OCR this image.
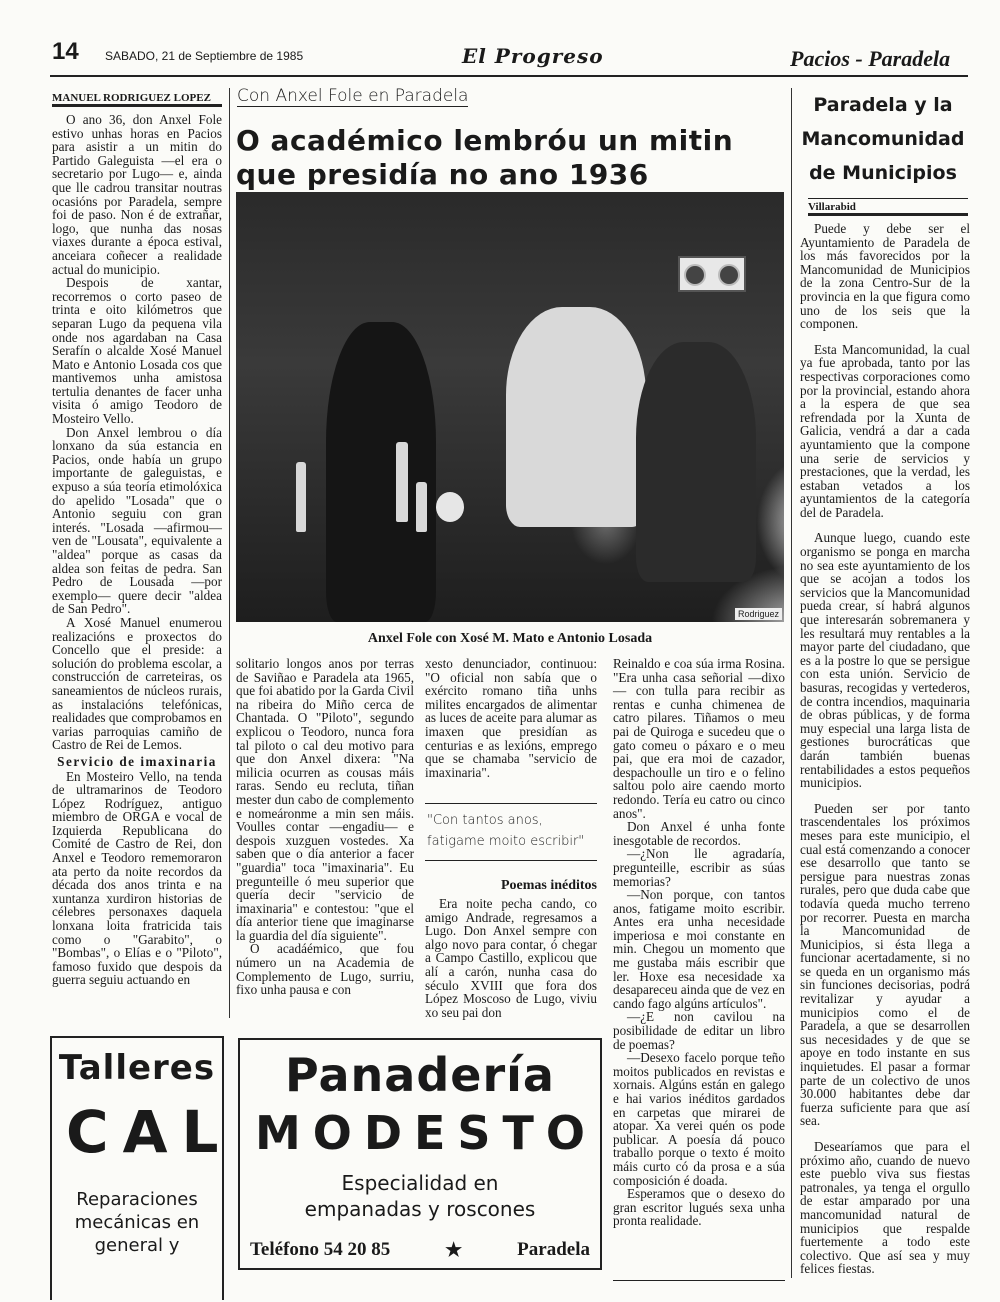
14 SABADO, 21 de Septiembre de 1985	El Progreso	Pacios - Paradela
MANUEL RODRIGUEZ LOPEZ

O ano 36, don Anxel Fole estivo unhas horas en Pacios para asistir a un mitin do Partido Galeguista —el era o secretario por Lugo— e, ainda que lle cadrou transitar noutras ocasións por Paradela, sempre foi de paso. Non é de extrañar, logo, que nunha das nosas viaxes durante a época estival, anceiara coñecer a realidade actual do municipio.

Despois de xantar, recorremos o corto paseo de trinta e oito kilómetros que separan Lugo da pequena vila onde nos agardaban na Casa Serafín o alcalde Xosé Manuel Mato e Antonio Losada cos que mantivemos unha amistosa tertulia denantes de facer unha visita ó amigo Teodoro de Mosteiro Vello.

Don Anxel lembrou o día lonxano da súa estancia en Pacios, onde había un grupo importante de galeguistas, e expuso a súa teoría etimolóxica do apelido "Losada" que o Antonio seguiu con gran interés. "Losada —afirmou— ven de "Lousata", equivalente a "aldea" porque as casas da aldea son feitas de pedra. San Pedro de Lousada —por exemplo— quere decir "aldea de San Pedro".

A Xosé Manuel enumerou realizacións e proxectos do Concello que el preside: a solución do problema escolar, a construcción de carreteiras, os saneamientos de núcleos rurais, as instalacións telefónicas, realidades que comprobamos en varias parroquias camiño de Castro de Rei de Lemos.

Servicio de imaxinaria

En Mosteiro Vello, na tenda de ultramarinos de Teodoro López Rodríguez, antiguo miembro de ORGA e vocal de Izquierda Republicana do Comité de Castro de Rei, don Anxel e Teodoro rememoraron ata perto da noite recordos da década dos anos trinta e na xuntanza xurdiron historias de célebres personaxes daquela lonxana loita fratricida tais como o "Garabito", o "Bombas", o Elías e o "Piloto", famoso fuxido que despois da guerra seguiu actuando en

Con Anxel Fole en Paradela
O académico lembróu un mitin que presidía no ano 1936
Rodriguez
Anxel Fole con Xosé M. Mato e Antonio Losada

solitario longos anos por terras de Saviñao e Paradela ata 1965, que foi abatido por la Garda Civil na ribeira do Miño cerca de Chantada. O "Piloto", segundo explicou o Teodoro, nunca fora tal piloto o cal deu motivo para que don Anxel dixera: "Na milicia ocurren as cousas máis raras. Sendo eu recluta, tiñan mester dun cabo de complemento e nomeáronme a min sen máis. Voulles contar —engadiu— e despois xuzguen vostedes. Xa saben que o día anterior a facer "guardia" toca "imaxinaria". Eu pregunteille ó meu superior que quería decir "servicio de imaxinaria" e contestou: "que el día anterior tiene que imaginarse la guardia del día siguiente".

O acadáémico, que fou número un na Academia de Complemento de Lugo, surriu, fixo unha pausa e con

xesto denunciador, continuou: "O oficial non sabía que o exército romano tiña unhs milites encargados de alimentar as luces de aceite para alumar as imaxen que presidían as centurias e as lexións, emprego que se chamaba "servicio de imaxinaria".

"Con tantos anos, fatigame moito escribir"
Poemas inéditos

Era noite pecha cando, co amigo Andrade, regresamos a Lugo. Don Anxel sempre con algo novo para contar, ó chegar a Campo Castillo, explicou que alí a carón, nunha casa do século XVIII que fora dos López Moscoso de Lugo, viviu xo seu pai don

Reinaldo e coa súa irma Rosina. "Era unha casa señorial —dixo— con tulla para recibir as rentas e cunha chimenea de catro pilares. Tiñamos o meu pai de Quiroga e sucedeu que o gato comeu o páxaro e o meu pai, que era moi de cazador, despachoulle un tiro e o felino saltou polo aire caendo morto redondo. Tería eu catro ou cinco anos".

Don Anxel é unha fonte inesgotable de recordos.

—¿Non lle agradaría, pregunteille, escribir as súas memorias?

—Non porque, con tantos anos, fatigame moito escribir. Antes era unha necesidade imperiosa e moi constante en min. Chegou un momento que me gustaba máis escribir que ler. Hoxe esa necesidade xa desapareceu ainda que de vez en cando fago algúns artículos".

—¿E non cavilou na posibilidade de editar un libro de poemas?

—Desexo facelo porque teño moitos publicados en revistas e xornais. Algúns están en galego e hai varios inéditos gardados en carpetas que mirarei de atopar. Xa verei quén os pode publicar. A poesía dá pouco traballo porque o texto é moito máis curto có da prosa e a súa composición é doada.

Esperamos que o desexo do gran escritor lugués sexa unha pronta realidade.

Paradela y la Mancomunidad de Municipios
Villarabid

Puede y debe ser el Ayuntamiento de Paradela de los más favorecidos por la Mancomunidad de Municipios de la zona Centro-Sur de la provincia en la que figura como uno de los seis que la componen.

Esta Mancomunidad, la cual ya fue aprobada, tanto por las respectivas corporaciones como por la provincial, estando ahora a la espera de que sea refrendada por la Xunta de Galicia, vendrá a dar a cada ayuntamiento que la compone una serie de servicios y prestaciones, que la verdad, les estaban vetados a los ayuntamientos de la categoría del de Paradela.

Aunque luego, cuando este organismo se ponga en marcha no sea este ayuntamiento de los que se acojan a todos los servicios que la Mancomunidad pueda crear, sí habrá algunos que interesarán sobremanera y les resultará muy rentables a la mayor parte del ciudadano, que es a la postre lo que se persigue con esta unión. Servicio de basuras, recogidas y vertederos, de contra incendios, maquinaria de obras públicas, y de forma muy especial una larga lista de gestiones burocráticas que darán también buenas rentabilidades a estos pequeños municipios.

Pueden ser por tanto trascendentales los próximos meses para este municipio, el cual está comenzando a conocer ese desarrollo que tanto se persigue para nuestras zonas rurales, pero que duda cabe que todavía queda mucho terreno por recorrer. Puesta en marcha la Mancomunidad de Municipios, si ésta llega a funcionar acertadamente, si no se queda en un organismo más sin funciones decisorias, podrá revitalizar y ayudar a municipios como el de Paradela, a que se desarrollen sus necesidades y de que se apoye en todo instante en sus inquietudes. El pasar a formar parte de un colectivo de unos 30.000 habitantes debe dar fuerza suficiente para que así sea.

Desearíamos que para el próximo año, cuando de nuevo este pueblo viva sus fiestas patronales, ya tenga el orgullo de estar amparado por una mancomunidad natural de municipios que respalde fuertemente a todo este colectivo. Que así sea y muy felices fiestas.

Talleres
CAL
Reparaciones mecánicas en general y
Panadería
MODESTO
Especialidad en
empanadas y roscones
Teléfono 54 20 85	★	Paradela
